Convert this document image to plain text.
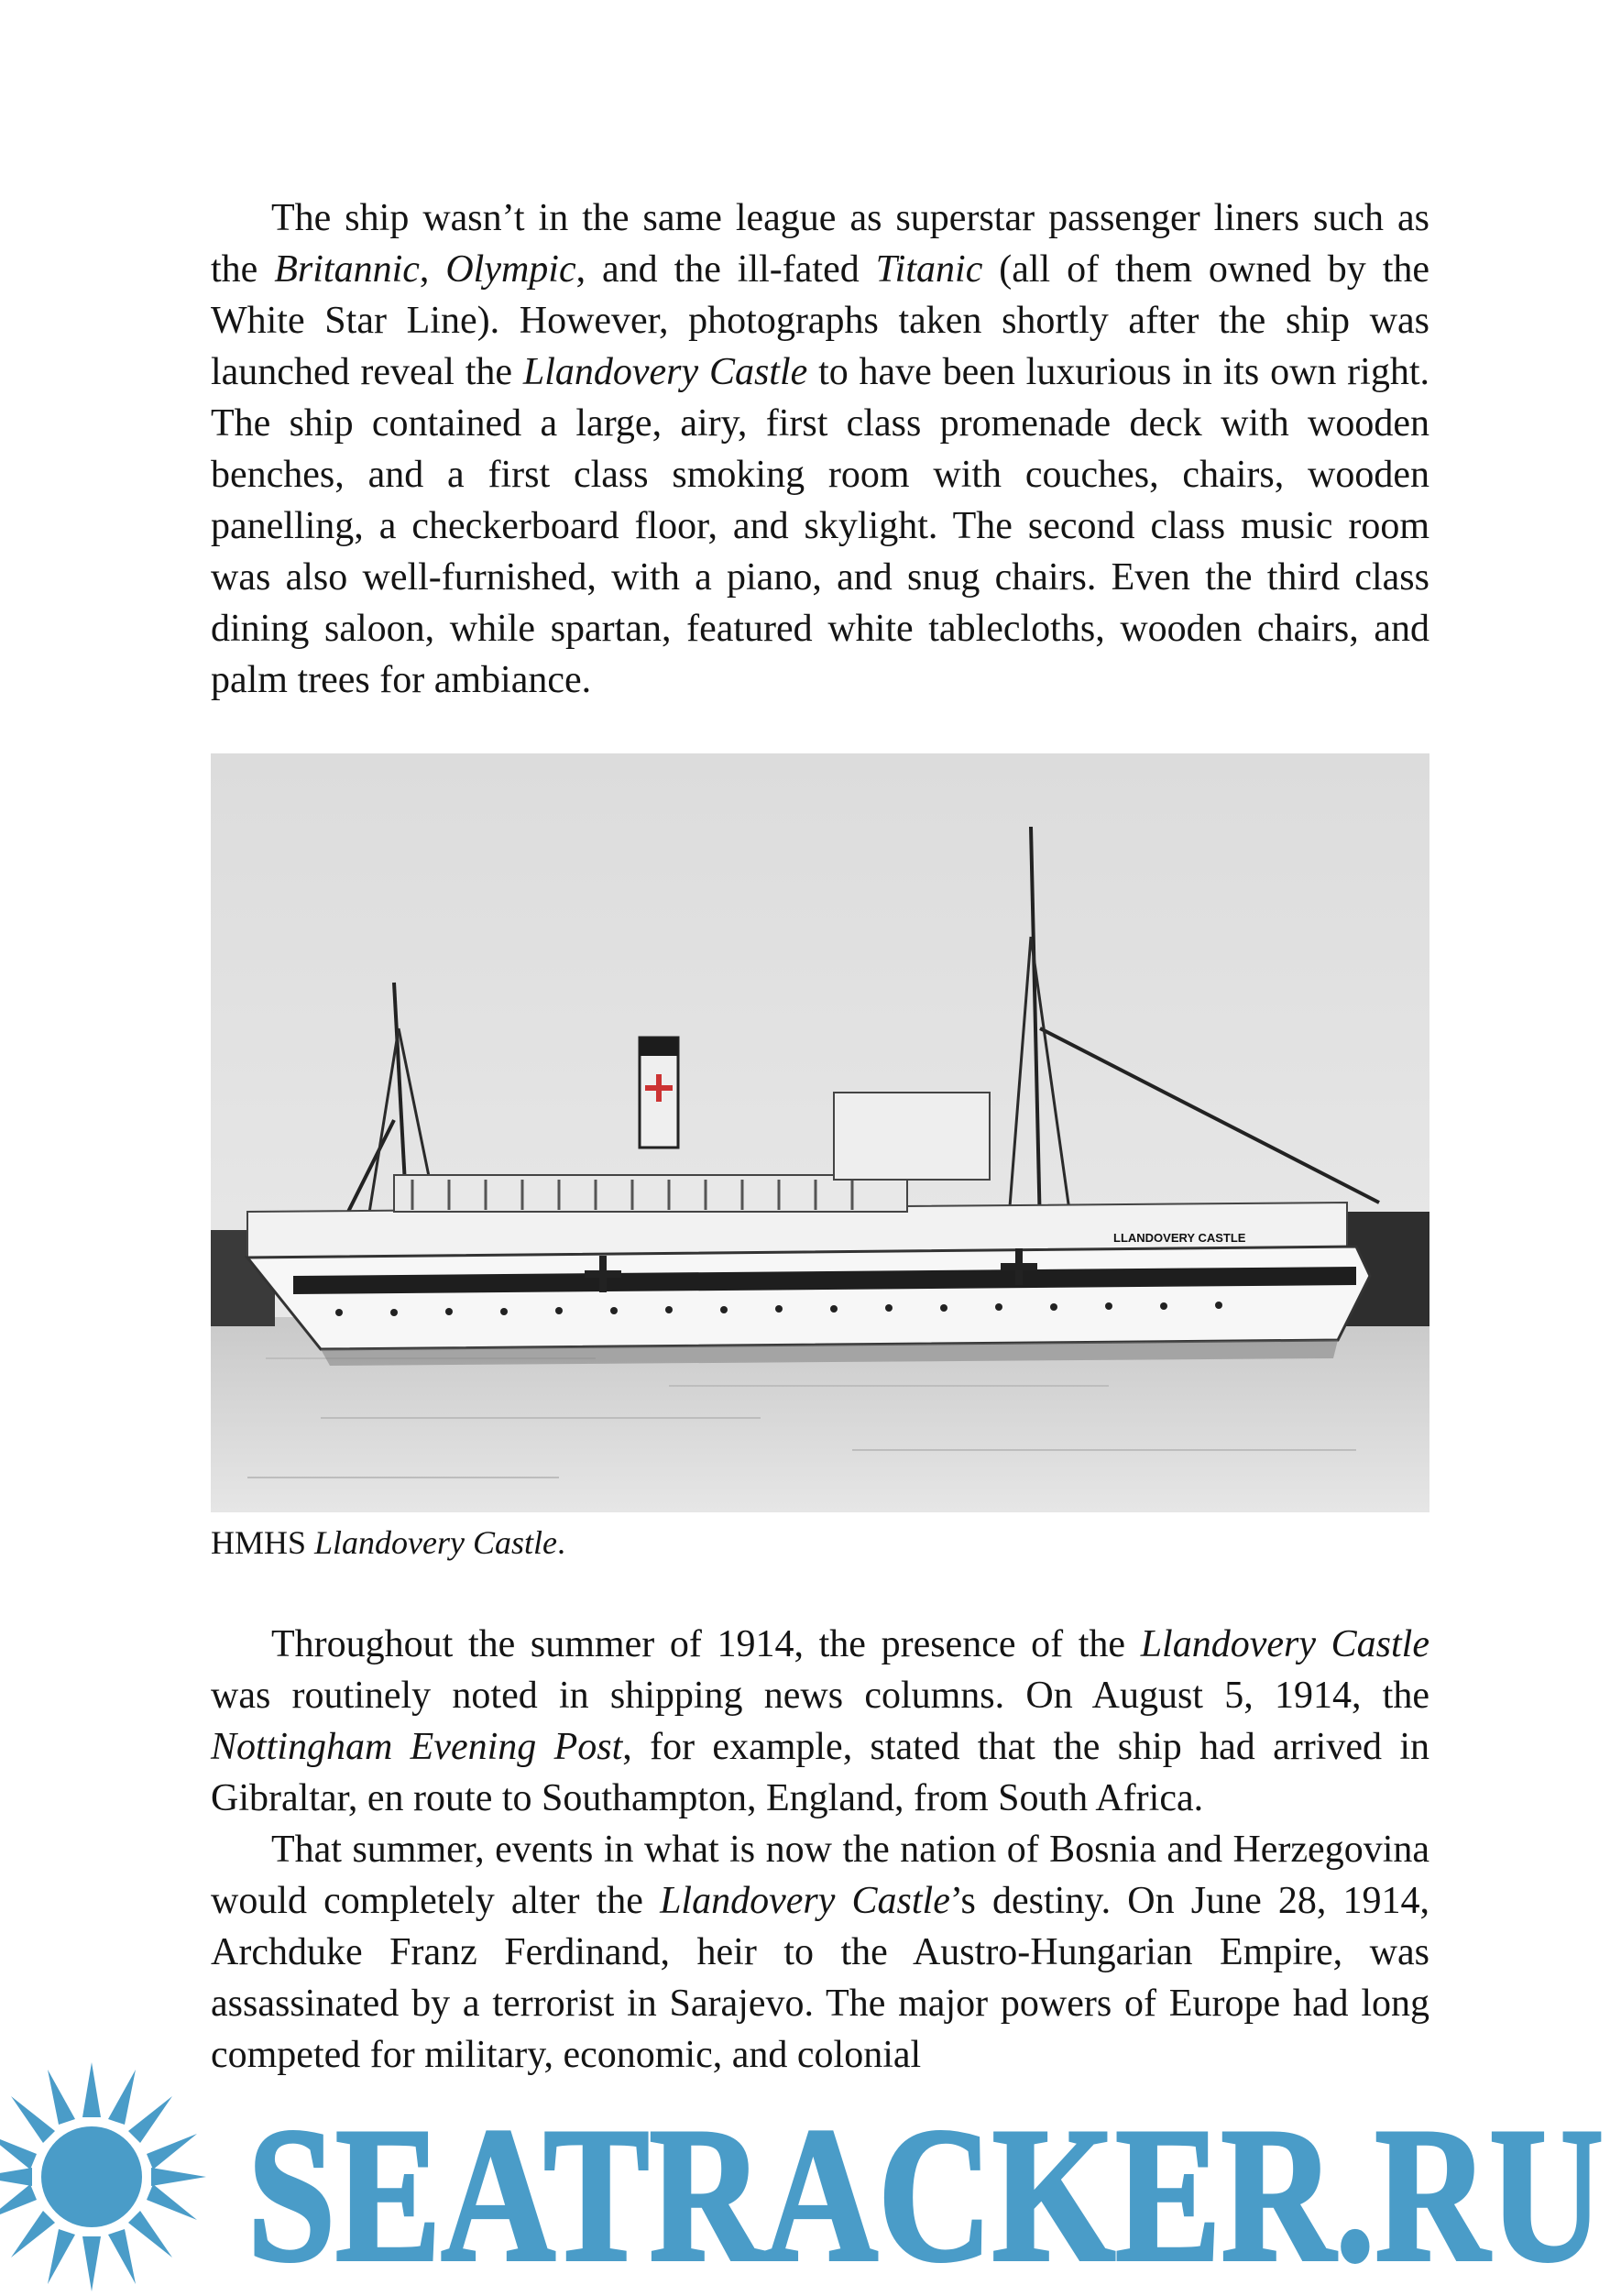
The ship wasn’t in the same league as superstar passenger liners such as the Britannic, Olympic, and the ill-fated Titanic (all of them owned by the White Star Line). However, photographs taken shortly after the ship was launched reveal the Llandovery Castle to have been luxurious in its own right. The ship contained a large, airy, first class promenade deck with wooden benches, and a first class smoking room with couches, chairs, wooden panelling, a checkerboard floor, and skylight. The second class music room was also well-furnished, with a piano, and snug chairs. Even the third class dining saloon, while spartan, featured white tablecloths, wooden chairs, and palm trees for ambiance.

LLANDOVERY CASTLE
HMHS Llandovery Castle.

Throughout the summer of 1914, the presence of the Llandovery Castle was routinely noted in shipping news columns. On August 5, 1914, the Nottingham Evening Post, for example, stated that the ship had arrived in Gibraltar, en route to Southampton, England, from South Africa.

That summer, events in what is now the nation of Bosnia and Herzegovina would completely alter the Llandovery Castle’s destiny. On June 28, 1914, Archduke Franz Ferdinand, heir to the Austro-Hungarian Empire, was assassinated by a terrorist in Sarajevo. The major powers of Europe had long competed for military, economic, and colonial

SEATRACKER.RU
